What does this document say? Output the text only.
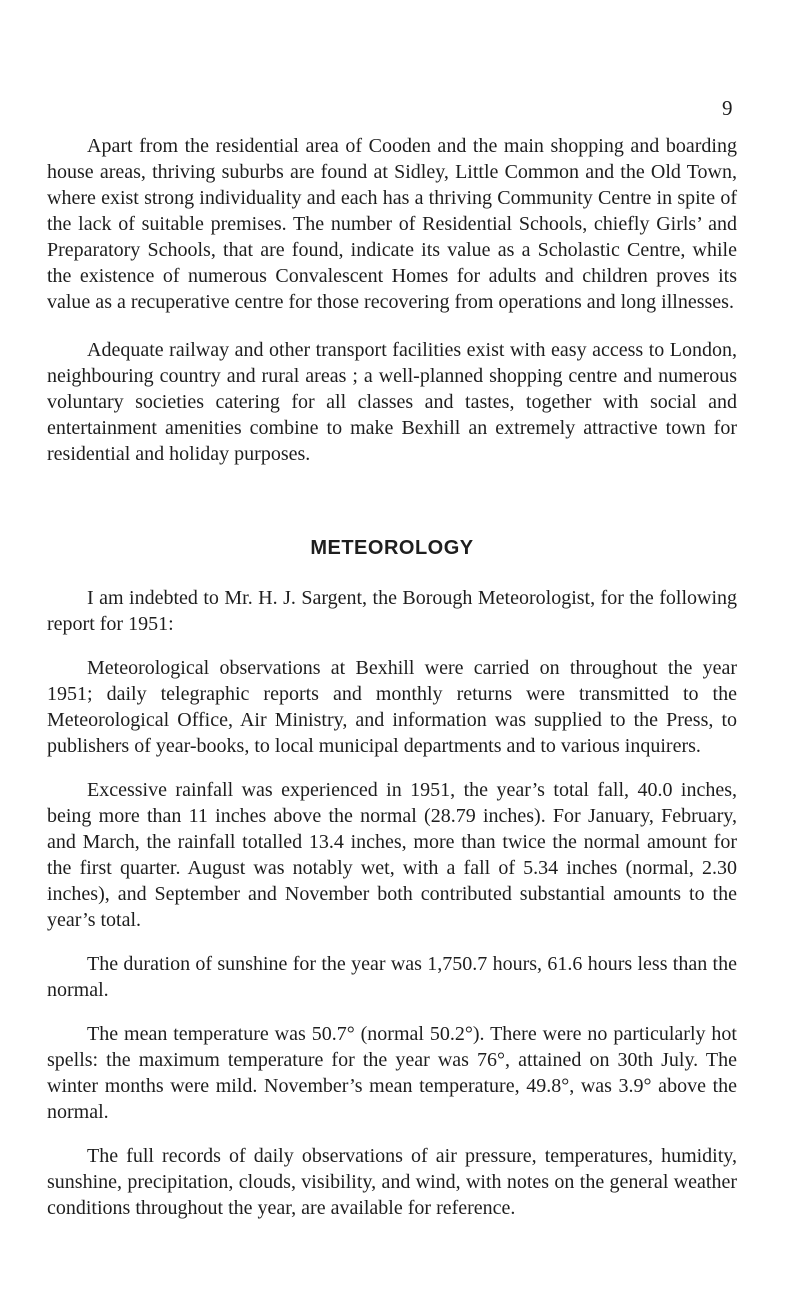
9

Apart from the residential area of Cooden and the main shopping and boarding house areas, thriving suburbs are found at Sidley, Little Common and the Old Town, where exist strong individuality and each has a thriving Community Centre in spite of the lack of suitable premises. The number of Residential Schools, chiefly Girls’ and Preparatory Schools, that are found, indicate its value as a Scholastic Centre, while the existence of numerous Convalescent Homes for adults and children proves its value as a recuperative centre for those recovering from operations and long illnesses.

Adequate railway and other transport facilities exist with easy access to London, neighbouring country and rural areas ; a well-planned shopping centre and numerous voluntary societies catering for all classes and tastes, together with social and entertainment amenities combine to make Bexhill an extremely attractive town for residential and holiday purposes.

METEOROLOGY

I am indebted to Mr. H. J. Sargent, the Borough Meteorologist, for the following report for 1951:

Meteorological observations at Bexhill were carried on throughout the year 1951; daily telegraphic reports and monthly returns were transmitted to the Meteorological Office, Air Ministry, and information was supplied to the Press, to publishers of year-books, to local municipal departments and to various inquirers.

Excessive rainfall was experienced in 1951, the year’s total fall, 40.0 inches, being more than 11 inches above the normal (28.79 inches). For January, February, and March, the rainfall totalled 13.4 inches, more than twice the normal amount for the first quarter. August was notably wet, with a fall of 5.34 inches (normal, 2.30 inches), and September and November both contributed substantial amounts to the year’s total.

The duration of sunshine for the year was 1,750.7 hours, 61.6 hours less than the normal.

The mean temperature was 50.7° (normal 50.2°). There were no particularly hot spells: the maximum temperature for the year was 76°, attained on 30th July. The winter months were mild. November’s mean temperature, 49.8°, was 3.9° above the normal.

The full records of daily observations of air pressure, temperatures, humidity, sunshine, precipitation, clouds, visibility, and wind, with notes on the general weather conditions throughout the year, are available for reference.
